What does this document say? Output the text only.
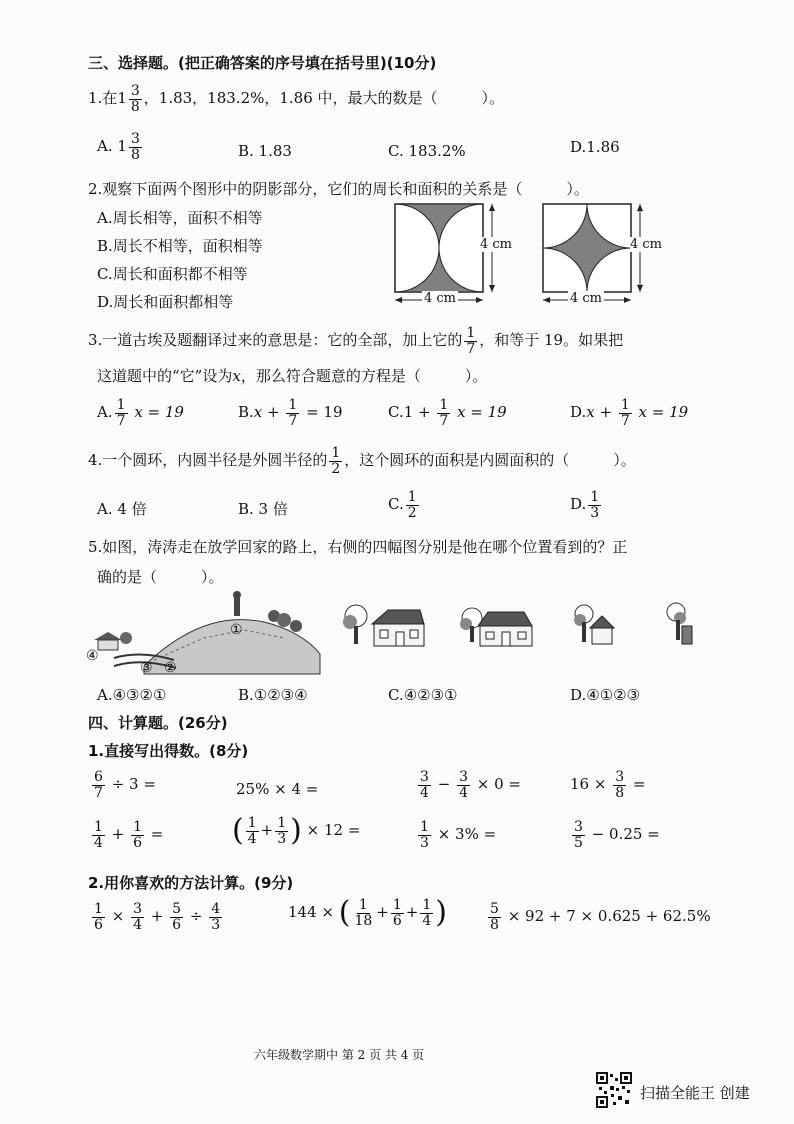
三、选择题。(把正确答案的序号填在括号里)(10分)
1.在$1 \frac{3}{8}$ ，1.83，183.2%，1.86 中，最大的数是（	）。
A. $1 \frac{3}{8}$	B. 1.83	C. 183.2%	D.1.86
2.观察下面两个图形中的阴影部分，它们的周长和面积的关系是（	）。
A.周长相等，面积不相等
B.周长不相等，面积相等
C.周长和面积都不相等
D.周长和面积都相等
4 cm
4 cm
4 cm
4 cm
3.一道古埃及题翻译过来的意思是：它的全部，加上它的 $\frac{1}{7}$ ，和等于 19。如果把
这道题中的“它”设为x，那么符合题意的方程是（	）。
A. $\frac{1}{7}$ x = 19	$B.x + \frac{1}{7} = 19$	$C.1 + \frac{1}{7}$ x = 19	$D.x + \frac{1}{7}$ x = 19
4.一个圆环，内圆半径是外圆半径的 $\frac{1}{2}$ ，这个圆环的面积是内圆面积的（	）。
A. 4 倍	B. 3 倍	C. $\frac{1}{2}$	D. $\frac{1}{3}$
5.如图，涛涛走在放学回家的路上，右侧的四幅图分别是他在哪个位置看到的？正
确的是（	）。
①
②
③
④
A.④③②①	B.①②③④	C.④②③①	D.④①②③
四、计算题。(26分)
1.直接写出得数。(8分)
$\frac{6}{7} \div 3$ =	25% × 4 =	$\frac{3}{4} - \frac{3}{4} \times 0$ =	$16 \times \frac{3}{8}$ =
$\frac{1}{4} + \frac{1}{6}$ = ( $\frac{1}{4} + \frac{1}{3}$ ) × 12 =	$\frac{1}{3} \times 3\%$ =	$\frac{3}{5} - 0.25$ =
2.用你喜欢的方法计算。(9分)
$\frac{1}{6} \times \frac{3}{4} + \frac{5}{6} \div \frac{4}{3}$	144 × ( $\frac{1}{18} + \frac{1}{6} + \frac{1}{4}$ )	$\frac{5}{8} \times 92 + 7 \times 0.625 + 62.5\%$
六年级数学期中 第 2 页 共 4 页
扫描全能王 创建
